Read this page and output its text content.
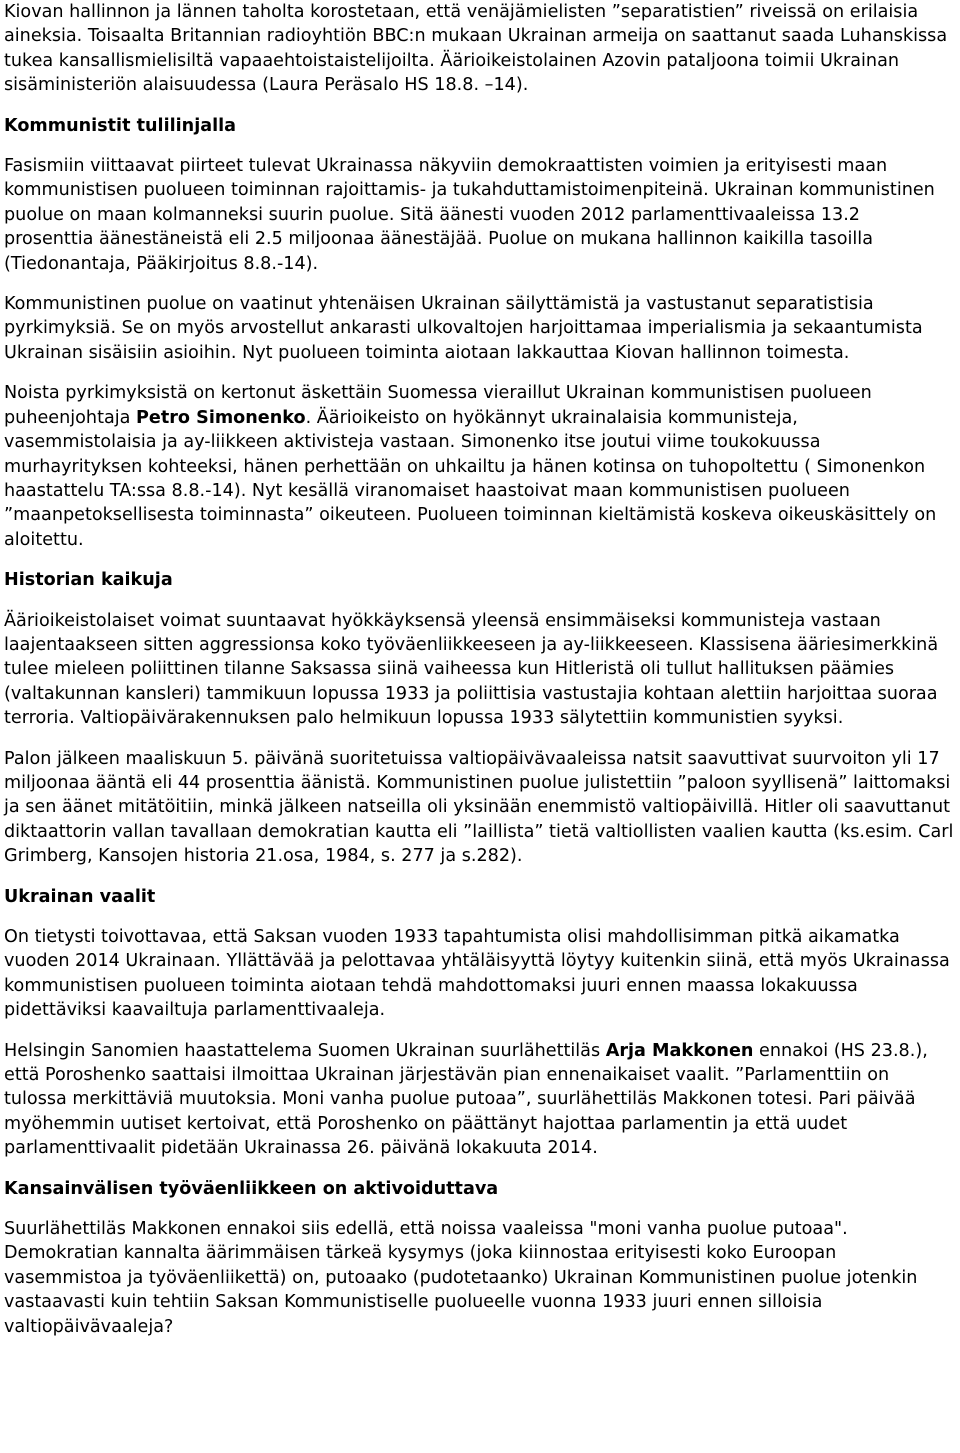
Kiovan hallinnon ja lännen taholta korostetaan, että venäjämielisten ”separatistien” riveissä on erilaisia aineksia. Toisaalta Britannian radioyhtiön BBC:n mukaan Ukrainan armeija on saattanut saada Luhanskissa tukea kansallismielisiltä vapaaehtoistaistelijoilta. Äärioikeistolainen Azovin pataljoona toimii Ukrainan sisäministeriön alaisuudessa (Laura Peräsalo HS 18.8. –14).

Kommunistit tulilinjalla

Fasismiin viittaavat piirteet tulevat Ukrainassa näkyviin demokraattisten voimien ja erityisesti maan kommunistisen puolueen toiminnan rajoittamis- ja tukahduttamistoimenpiteinä. Ukrainan kommunistinen puolue on maan kolmanneksi suurin puolue. Sitä äänesti vuoden 2012 parlamenttivaaleissa 13.2 prosenttia äänestäneistä eli 2.5 miljoonaa äänestäjää. Puolue on mukana hallinnon kaikilla tasoilla (Tiedonantaja, Pääkirjoitus 8.8.-14).

Kommunistinen puolue on vaatinut yhtenäisen Ukrainan säilyttämistä ja vastustanut separatistisia pyrkimyksiä. Se on myös arvostellut ankarasti ulkovaltojen harjoittamaa imperialismia ja sekaantumista Ukrainan sisäisiin asioihin. Nyt puolueen toiminta aiotaan lakkauttaa Kiovan hallinnon toimesta.

Noista pyrkimyksistä on kertonut äskettäin Suomessa vieraillut Ukrainan kommunistisen puolueen puheenjohtaja Petro Simonenko. Äärioikeisto on hyökännyt ukrainalaisia kommunisteja, vasemmistolaisia ja ay-liikkeen aktivisteja vastaan. Simonenko itse joutui viime toukokuussa murhayrityksen kohteeksi, hänen perhettään on uhkailtu ja hänen kotinsa on tuhopoltettu ( Simonenkon haastattelu TA:ssa 8.8.-14). Nyt kesällä viranomaiset haastoivat maan kommunistisen puolueen ”maanpetoksellisesta toiminnasta” oikeuteen. Puolueen toiminnan kieltämistä koskeva oikeuskäsittely on aloitettu.

Historian kaikuja

Äärioikeistolaiset voimat suuntaavat hyökkäyksensä yleensä ensimmäiseksi kommunisteja vastaan laajentaakseen sitten aggressionsa koko työväenliikkeeseen ja ay-liikkeeseen. Klassisena ääriesimerkkinä tulee mieleen poliittinen tilanne Saksassa siinä vaiheessa kun Hitleristä oli tullut hallituksen päämies (valtakunnan kansleri) tammikuun lopussa 1933 ja poliittisia vastustajia kohtaan alettiin harjoittaa suoraa terroria. Valtiopäivärakennuksen palo helmikuun lopussa 1933 sälytettiin kommunistien syyksi.

Palon jälkeen maaliskuun 5. päivänä suoritetuissa valtiopäivävaaleissa natsit saavuttivat suurvoiton yli 17 miljoonaa ääntä eli 44 prosenttia äänistä. Kommunistinen puolue julistettiin ”paloon syyllisenä” laittomaksi ja sen äänet mitätöitiin, minkä jälkeen natseilla oli yksinään enemmistö valtiopäivillä. Hitler oli saavuttanut diktaattorin vallan tavallaan demokratian kautta eli ”laillista” tietä valtiollisten vaalien kautta (ks.esim. Carl Grimberg, Kansojen historia 21.osa, 1984, s. 277 ja s.282).

Ukrainan vaalit

On tietysti toivottavaa, että Saksan vuoden 1933 tapahtumista olisi mahdollisimman pitkä aikamatka vuoden 2014 Ukrainaan. Yllättävää ja pelottavaa yhtäläisyyttä löytyy kuitenkin siinä, että myös Ukrainassa kommunistisen puolueen toiminta aiotaan tehdä mahdottomaksi juuri ennen maassa lokakuussa pidettäviksi kaavailtuja parlamenttivaaleja.

Helsingin Sanomien haastattelema Suomen Ukrainan suurlähettiläs Arja Makkonen ennakoi (HS 23.8.), että Poroshenko saattaisi ilmoittaa Ukrainan järjestävän pian ennenaikaiset vaalit. ”Parlamenttiin on tulossa merkittäviä muutoksia. Moni vanha puolue putoaa”, suurlähettiläs Makkonen totesi. Pari päivää myöhemmin uutiset kertoivat, että Poroshenko on päättänyt hajottaa parlamentin ja että uudet parlamenttivaalit pidetään Ukrainassa 26. päivänä lokakuuta 2014.

Kansainvälisen työväenliikkeen on aktivoiduttava

Suurlähettiläs Makkonen ennakoi siis edellä, että noissa vaaleissa "moni vanha puolue putoaa". Demokratian kannalta äärimmäisen tärkeä kysymys (joka kiinnostaa erityisesti koko Euroopan vasemmistoa ja työväenliikettä) on, putoaako (pudotetaanko) Ukrainan Kommunistinen puolue jotenkin vastaavasti kuin tehtiin Saksan Kommunistiselle puolueelle vuonna 1933 juuri ennen silloisia valtiopäivävaaleja?
